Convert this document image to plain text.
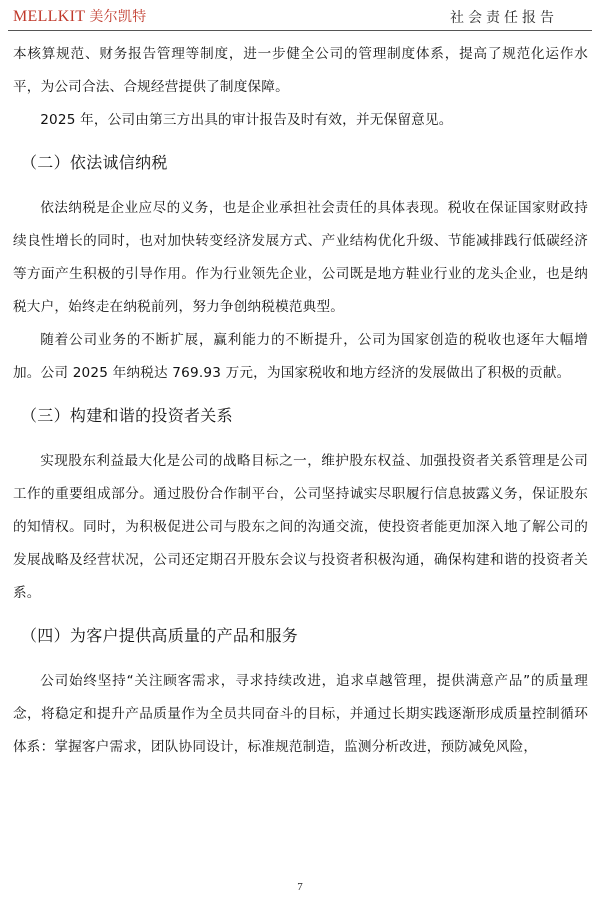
MELLKIT 美尔凯特	社会责任报告

本核算规范、财务报告管理等制度，进一步健全公司的管理制度体系，提高了规范化运作水平，为公司合法、合规经营提供了制度保障。

2025 年，公司由第三方出具的审计报告及时有效，并无保留意见。

（二）依法诚信纳税

依法纳税是企业应尽的义务，也是企业承担社会责任的具体表现。税收在保证国家财政持续良性增长的同时，也对加快转变经济发展方式、产业结构优化升级、节能减排践行低碳经济等方面产生积极的引导作用。作为行业领先企业，公司既是地方鞋业行业的龙头企业，也是纳税大户，始终走在纳税前列，努力争创纳税模范典型。

随着公司业务的不断扩展，赢利能力的不断提升，公司为国家创造的税收也逐年大幅增加。公司 2025 年纳税达 769.93 万元，为国家税收和地方经济的发展做出了积极的贡献。

（三）构建和谐的投资者关系

实现股东利益最大化是公司的战略目标之一，维护股东权益、加强投资者关系管理是公司工作的重要组成部分。通过股份合作制平台，公司坚持诚实尽职履行信息披露义务，保证股东的知情权。同时，为积极促进公司与股东之间的沟通交流，使投资者能更加深入地了解公司的发展战略及经营状况，公司还定期召开股东会议与投资者积极沟通，确保构建和谐的投资者关系。

（四）为客户提供高质量的产品和服务

公司始终坚持“关注顾客需求，寻求持续改进，追求卓越管理，提供满意产品”的质量理念，将稳定和提升产品质量作为全员共同奋斗的目标，并通过长期实践逐渐形成质量控制循环体系：掌握客户需求，团队协同设计，标准规范制造，监测分析改进，预防减免风险，

7
